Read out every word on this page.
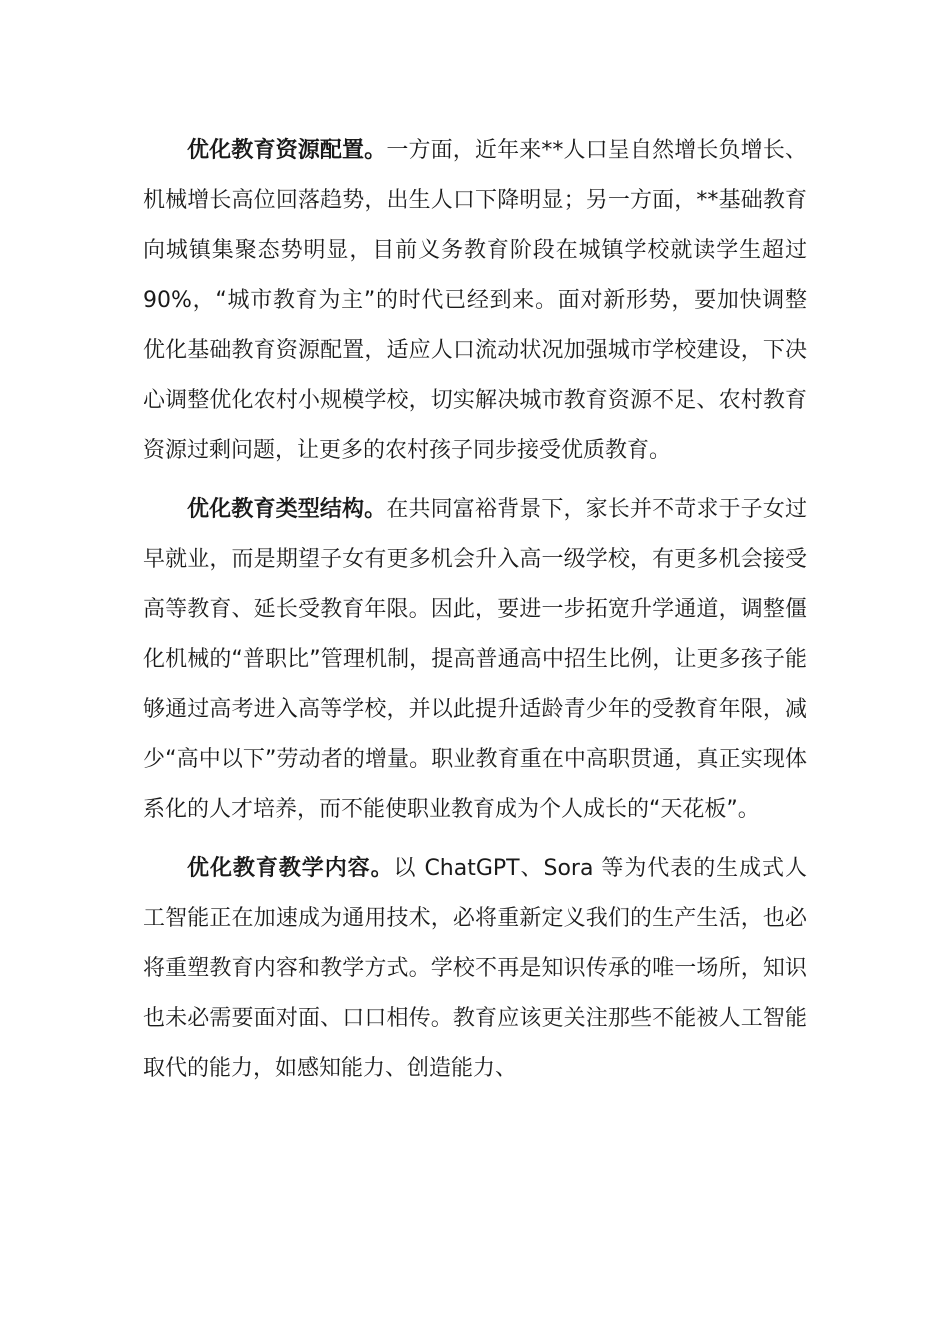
优化教育资源配置。一方面，近年来**人口呈自然增长负增长、机械增长高位回落趋势，出生人口下降明显；另一方面，**基础教育向城镇集聚态势明显，目前义务教育阶段在城镇学校就读学生超过 90%，“城市教育为主”的时代已经到来。面对新形势，要加快调整优化基础教育资源配置，适应人口流动状况加强城市学校建设，下决心调整优化农村小规模学校，切实解决城市教育资源不足、农村教育资源过剩问题，让更多的农村孩子同步接受优质教育。

优化教育类型结构。在共同富裕背景下，家长并不苛求于子女过早就业，而是期望子女有更多机会升入高一级学校，有更多机会接受高等教育、延长受教育年限。因此，要进一步拓宽升学通道，调整僵化机械的“普职比”管理机制，提高普通高中招生比例，让更多孩子能够通过高考进入高等学校，并以此提升适龄青少年的受教育年限，减少“高中以下”劳动者的增量。职业教育重在中高职贯通，真正实现体系化的人才培养，而不能使职业教育成为个人成长的“天花板”。

优化教育教学内容。以 ChatGPT、Sora 等为代表的生成式人工智能正在加速成为通用技术，必将重新定义我们的生产生活，也必将重塑教育内容和教学方式。学校不再是知识传承的唯一场所，知识也未必需要面对面、口口相传。教育应该更关注那些不能被人工智能取代的能力，如感知能力、创造能力、
